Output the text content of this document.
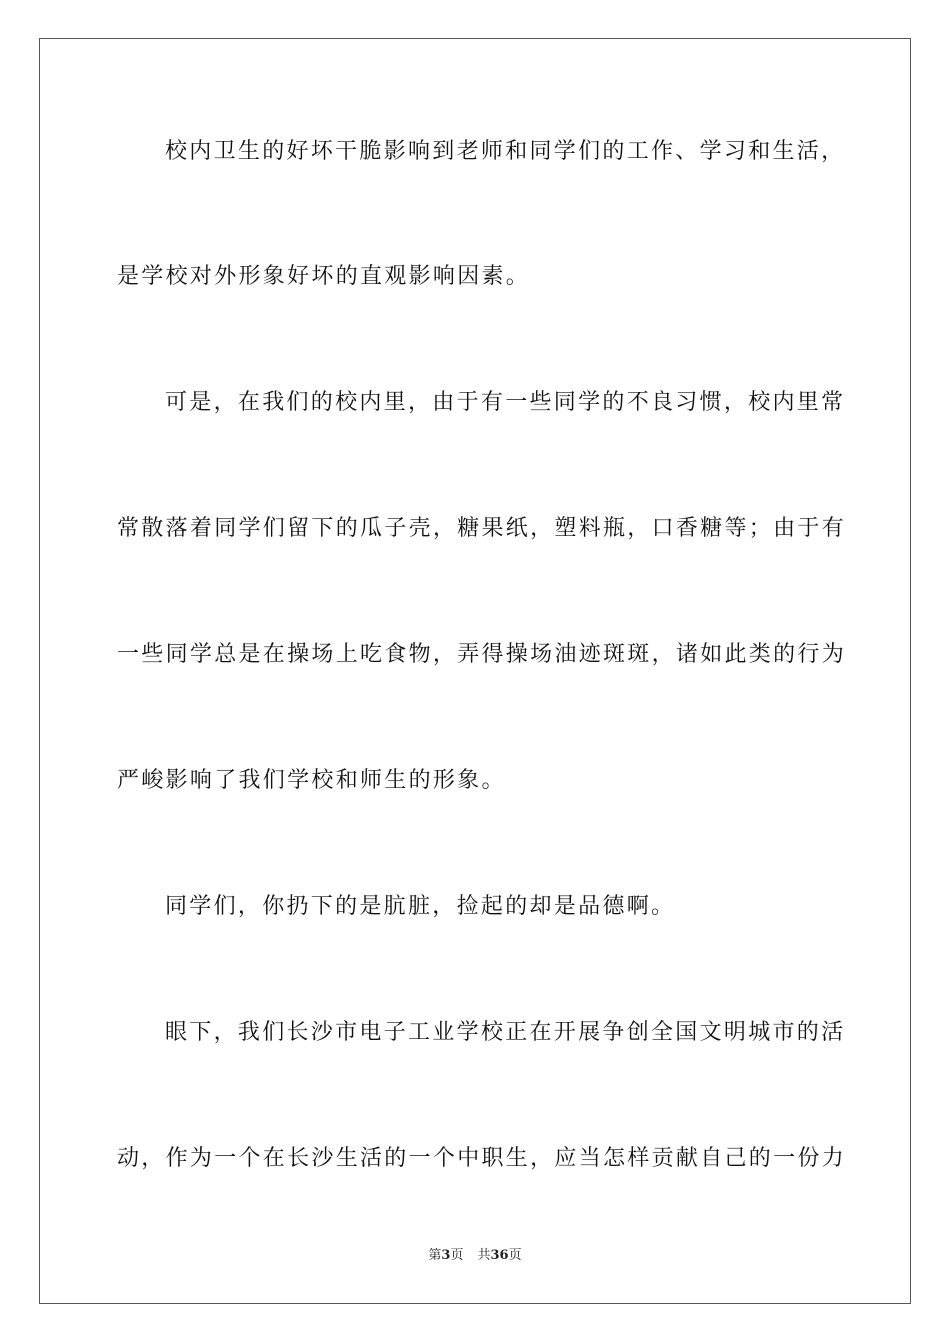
校内卫生的好坏干脆影响到老师和同学们的工作、学习和生活，
是学校对外形象好坏的直观影响因素。
可是，在我们的校内里，由于有一些同学的不良习惯，校内里常
常散落着同学们留下的瓜子壳，糖果纸，塑料瓶，口香糖等；由于有
一些同学总是在操场上吃食物，弄得操场油迹斑斑，诸如此类的行为
严峻影响了我们学校和师生的形象。
同学们，你扔下的是肮脏，捡起的却是品德啊。
眼下，我们长沙市电子工业学校正在开展争创全国文明城市的活
动，作为一个在长沙生活的一个中职生，应当怎样贡献自己的一份力
第3页 共36页
